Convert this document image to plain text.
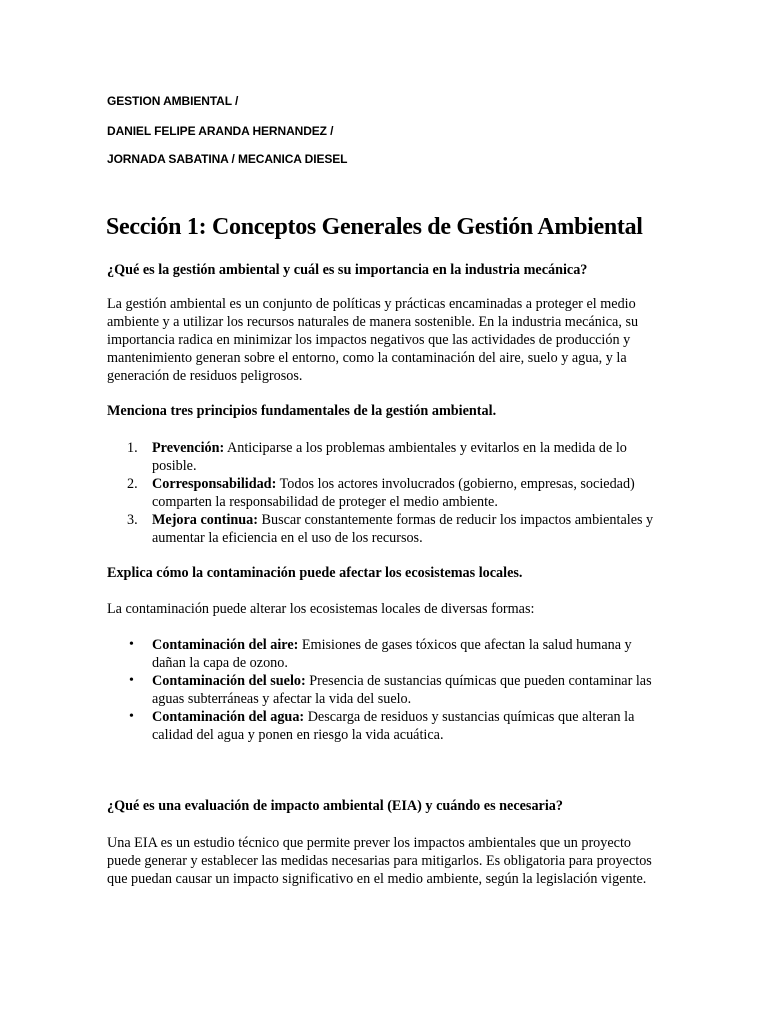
GESTION AMBIENTAL /
DANIEL FELIPE ARANDA HERNANDEZ /
JORNADA SABATINA / MECANICA DIESEL
Sección 1: Conceptos Generales de Gestión Ambiental
¿Qué es la gestión ambiental y cuál es su importancia en la industria mecánica?
La gestión ambiental es un conjunto de políticas y prácticas encaminadas a proteger el medio ambiente y a utilizar los recursos naturales de manera sostenible. En la industria mecánica, su importancia radica en minimizar los impactos negativos que las actividades de producción y mantenimiento generan sobre el entorno, como la contaminación del aire, suelo y agua, y la generación de residuos peligrosos.
Menciona tres principios fundamentales de la gestión ambiental.
1. Prevención: Anticiparse a los problemas ambientales y evitarlos en la medida de lo posible.
2. Corresponsabilidad: Todos los actores involucrados (gobierno, empresas, sociedad) comparten la responsabilidad de proteger el medio ambiente.
3. Mejora continua: Buscar constantemente formas de reducir los impactos ambientales y aumentar la eficiencia en el uso de los recursos.
Explica cómo la contaminación puede afectar los ecosistemas locales.
La contaminación puede alterar los ecosistemas locales de diversas formas:
• Contaminación del aire: Emisiones de gases tóxicos que afectan la salud humana y dañan la capa de ozono.
• Contaminación del suelo: Presencia de sustancias químicas que pueden contaminar las aguas subterráneas y afectar la vida del suelo.
• Contaminación del agua: Descarga de residuos y sustancias químicas que alteran la calidad del agua y ponen en riesgo la vida acuática.
¿Qué es una evaluación de impacto ambiental (EIA) y cuándo es necesaria?
Una EIA es un estudio técnico que permite prever los impactos ambientales que un proyecto puede generar y establecer las medidas necesarias para mitigarlos. Es obligatoria para proyectos que puedan causar un impacto significativo en el medio ambiente, según la legislación vigente.
